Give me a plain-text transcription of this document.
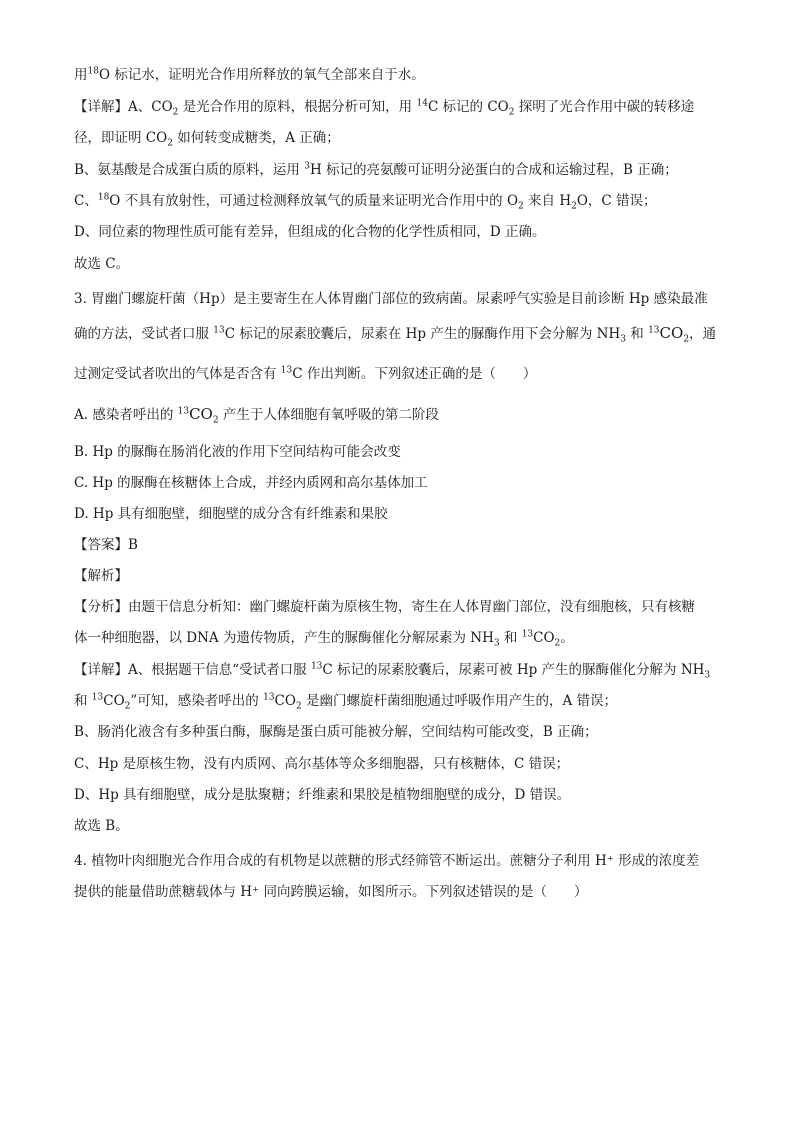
用$^{18}$O 标记水，证明光合作用所释放的氧气全部来自于水。
【详解】A、$CO_2$ 是光合作用的原料，根据分析可知，用 $^{14}$C 标记的 $CO_2$ 探明了光合作用中碳的转移途
径，即证明 $CO_2$ 如何转变成糖类，A 正确；
B、氨基酸是合成蛋白质的原料，运用 $^3$H 标记的亮氨酸可证明分泌蛋白的合成和运输过程，B 正确；
C、$^{18}$O 不具有放射性，可通过检测释放氧气的质量来证明光合作用中的 $O_2$ 来自 $H_2O$，C 错误；
D、同位素的物理性质可能有差异，但组成的化合物的化学性质相同，D 正确。
故选 C。
3. 胃幽门螺旋杆菌（Hp）是主要寄生在人体胃幽门部位的致病菌。尿素呼气实验是目前诊断 Hp 感染最准
确的方法，受试者口服 $^{13}$C 标记的尿素胶囊后，尿素在 Hp 产生的脲酶作用下会分解为 $NH_3$ 和 $^{13}CO_2$，通
过测定受试者吹出的气体是否含有 $^{13}$C 作出判断。下列叙述正确的是（　　）
A. 感染者呼出的 $^{13}CO_2$ 产生于人体细胞有氧呼吸的第二阶段
B. Hp 的脲酶在肠消化液的作用下空间结构可能会改变
C. Hp 的脲酶在核糖体上合成，并经内质网和高尔基体加工
D. Hp 具有细胞壁，细胞壁的成分含有纤维素和果胶
【答案】B
【解析】
【分析】由题干信息分析知：幽门螺旋杆菌为原核生物，寄生在人体胃幽门部位，没有细胞核，只有核糖
体一种细胞器，以 DNA 为遗传物质，产生的脲酶催化分解尿素为 $NH_3$ 和 $^{13}CO_2$。
【详解】A、根据题干信息“受试者口服 $^{13}$C 标记的尿素胶囊后，尿素可被 Hp 产生的脲酶催化分解为 $NH_3$
和 $^{13}CO_2$”可知，感染者呼出的 $^{13}CO_2$ 是幽门螺旋杆菌细胞通过呼吸作用产生的，A 错误；
B、肠消化液含有多种蛋白酶，脲酶是蛋白质可能被分解，空间结构可能改变，B 正确；
C、Hp 是原核生物，没有内质网、高尔基体等众多细胞器，只有核糖体，C 错误；
D、Hp 具有细胞壁，成分是肽聚糖；纤维素和果胶是植物细胞壁的成分，D 错误。
故选 B。
4. 植物叶肉细胞光合作用合成的有机物是以蔗糖的形式经筛管不断运出。蔗糖分子利用 H⁺ 形成的浓度差
提供的能量借助蔗糖载体与 H⁺ 同向跨膜运输，如图所示。下列叙述错误的是（　　）
